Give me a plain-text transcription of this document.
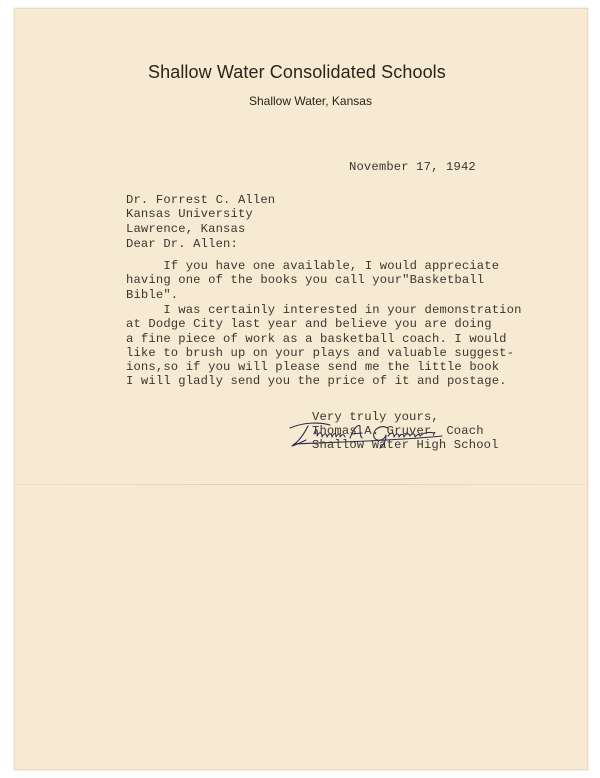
Shallow Water Consolidated Schools
Shallow Water, Kansas
November 17, 1942
Dr. Forrest C. Allen
Kansas University
Lawrence, Kansas
Dear Dr. Allen:
If you have one available, I would appreciate
having one of the books you call your"Basketball
Bible".
I was certainly interested in your demonstration
at Dodge City last year and believe you are doing
a fine piece of work as a basketball coach. I would
like to brush up on your plays and valuable suggest-
ions,so if you will please send me the little book
I will gladly send you the price of it and postage.
Very truly yours,
Thomas A. Gruver, Coach
Shallow Water High School
